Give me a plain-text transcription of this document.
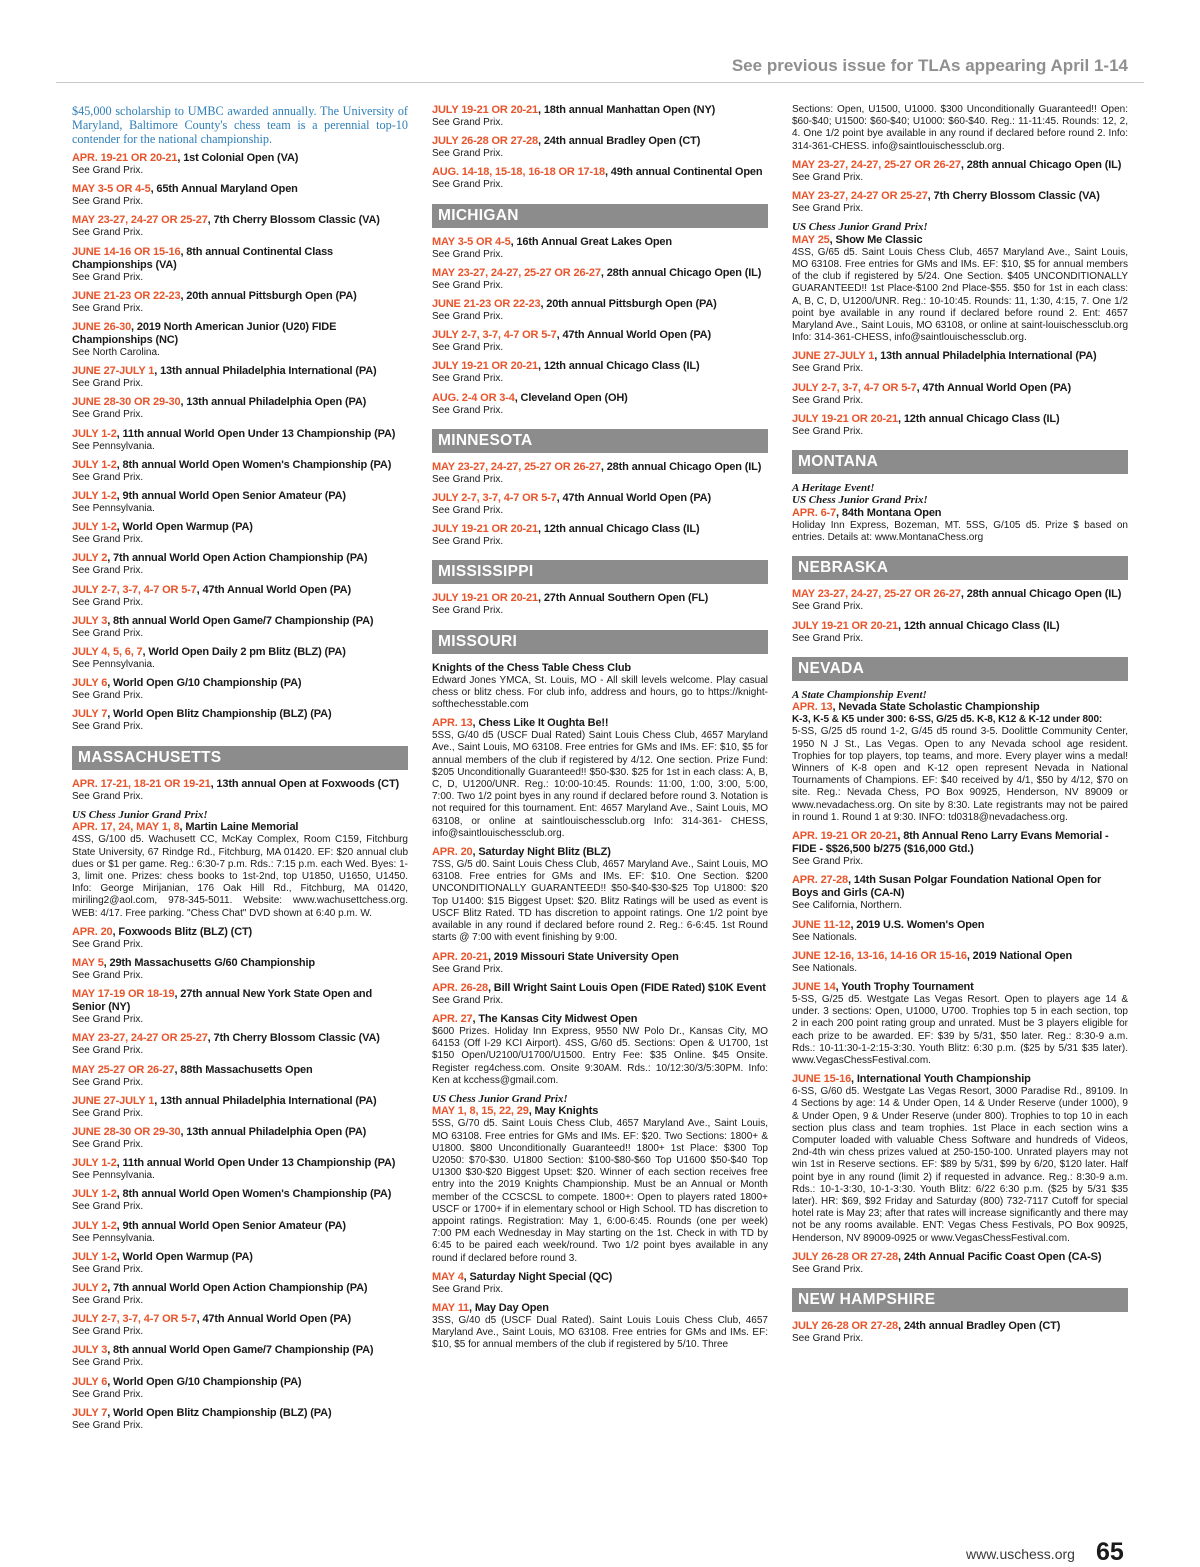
See previous issue for TLAs appearing April 1-14
$45,000 scholarship to UMBC awarded annually. The University of Maryland, Baltimore County's chess team is a perennial top-10 contender for the national championship.
APR. 19-21 OR 20-21, 1st Colonial Open (VA)
See Grand Prix.
MAY 3-5 OR 4-5, 65th Annual Maryland Open
See Grand Prix.
MAY 23-27, 24-27 OR 25-27, 7th Cherry Blossom Classic (VA)
See Grand Prix.
JUNE 14-16 OR 15-16, 8th annual Continental Class Championships (VA)
See Grand Prix.
JUNE 21-23 OR 22-23, 20th annual Pittsburgh Open (PA)
See Grand Prix.
JUNE 26-30, 2019 North American Junior (U20) FIDE Championships (NC)
See North Carolina.
JUNE 27-JULY 1, 13th annual Philadelphia International (PA)
See Grand Prix.
JUNE 28-30 OR 29-30, 13th annual Philadelphia Open (PA)
See Grand Prix.
JULY 1-2, 11th annual World Open Under 13 Championship (PA)
See Pennsylvania.
JULY 1-2, 8th annual World Open Women's Championship (PA)
See Grand Prix.
JULY 1-2, 9th annual World Open Senior Amateur (PA)
See Pennsylvania.
JULY 1-2, World Open Warmup (PA)
See Grand Prix.
JULY 2, 7th annual World Open Action Championship (PA)
See Grand Prix.
JULY 2-7, 3-7, 4-7 OR 5-7, 47th Annual World Open (PA)
See Grand Prix.
JULY 3, 8th annual World Open Game/7 Championship (PA)
See Grand Prix.
JULY 4, 5, 6, 7, World Open Daily 2 pm Blitz (BLZ) (PA)
See Pennsylvania.
JULY 6, World Open G/10 Championship (PA)
See Grand Prix.
JULY 7, World Open Blitz Championship (BLZ) (PA)
See Grand Prix.
MASSACHUSETTS
APR. 17-21, 18-21 OR 19-21, 13th annual Open at Foxwoods (CT)
See Grand Prix.
US Chess Junior Grand Prix!
APR. 17, 24, MAY 1, 8, Martin Laine Memorial
4SS, G/100 d5. Wachusett CC, McKay Complex, Room C159, Fitchburg State University, 67 Rindge Rd., Fitchburg, MA 01420. EF: $20 annual club dues or $1 per game. Reg.: 6:30-7 p.m. Rds.: 7:15 p.m. each Wed. Byes: 1-3, limit one. Prizes: chess books to 1st-2nd, top U1850, U1650, U1450. Info: George Mirijanian, 176 Oak Hill Rd., Fitchburg, MA 01420, miriling2@aol.com, 978-345-5011. Website: www.wachusettchess.org. WEB: 4/17. Free parking. "Chess Chat" DVD shown at 6:40 p.m. W.
APR. 20, Foxwoods Blitz (BLZ) (CT)
See Grand Prix.
MAY 5, 29th Massachusetts G/60 Championship
See Grand Prix.
MAY 17-19 OR 18-19, 27th annual New York State Open and Senior (NY)
See Grand Prix.
MAY 23-27, 24-27 OR 25-27, 7th Cherry Blossom Classic (VA)
See Grand Prix.
MAY 25-27 OR 26-27, 88th Massachusetts Open
See Grand Prix.
JUNE 27-JULY 1, 13th annual Philadelphia International (PA)
See Grand Prix.
JUNE 28-30 OR 29-30, 13th annual Philadelphia Open (PA)
See Grand Prix.
JULY 1-2, 11th annual World Open Under 13 Championship (PA)
See Pennsylvania.
JULY 1-2, 8th annual World Open Women's Championship (PA)
See Grand Prix.
JULY 1-2, 9th annual World Open Senior Amateur (PA)
See Pennsylvania.
JULY 1-2, World Open Warmup (PA)
See Grand Prix.
JULY 2, 7th annual World Open Action Championship (PA)
See Grand Prix.
JULY 2-7, 3-7, 4-7 OR 5-7, 47th Annual World Open (PA)
See Grand Prix.
JULY 3, 8th annual World Open Game/7 Championship (PA)
See Grand Prix.
JULY 6, World Open G/10 Championship (PA)
See Grand Prix.
JULY 7, World Open Blitz Championship (BLZ) (PA)
See Grand Prix.
JULY 19-21 OR 20-21, 18th annual Manhattan Open (NY)
See Grand Prix.
JULY 26-28 OR 27-28, 24th annual Bradley Open (CT)
See Grand Prix.
AUG. 14-18, 15-18, 16-18 OR 17-18, 49th annual Continental Open
See Grand Prix.
MICHIGAN
MAY 3-5 OR 4-5, 16th Annual Great Lakes Open
See Grand Prix.
MAY 23-27, 24-27, 25-27 OR 26-27, 28th annual Chicago Open (IL)
See Grand Prix.
JUNE 21-23 OR 22-23, 20th annual Pittsburgh Open (PA)
See Grand Prix.
JULY 2-7, 3-7, 4-7 OR 5-7, 47th Annual World Open (PA)
See Grand Prix.
JULY 19-21 OR 20-21, 12th annual Chicago Class (IL)
See Grand Prix.
AUG. 2-4 OR 3-4, Cleveland Open (OH)
See Grand Prix.
MINNESOTA
MAY 23-27, 24-27, 25-27 OR 26-27, 28th annual Chicago Open (IL)
See Grand Prix.
JULY 2-7, 3-7, 4-7 OR 5-7, 47th Annual World Open (PA)
See Grand Prix.
JULY 19-21 OR 20-21, 12th annual Chicago Class (IL)
See Grand Prix.
MISSISSIPPI
JULY 19-21 OR 20-21, 27th Annual Southern Open (FL)
See Grand Prix.
MISSOURI
Knights of the Chess Table Chess Club
Edward Jones YMCA, St. Louis, MO - All skill levels welcome. Play casual chess or blitz chess. For club info, address and hours, go to https://knight-softhechesstable.com
APR. 13, Chess Like It Oughta Be!!
5SS, G/40 d5 (USCF Dual Rated) Saint Louis Chess Club, 4657 Maryland Ave., Saint Louis, MO 63108. Free entries for GMs and IMs. EF: $10, $5 for annual members of the club if registered by 4/12. One section. Prize Fund: $205 Unconditionally Guaranteed!! $50-$30. $25 for 1st in each class: A, B, C, D, U1200/UNR. Reg.: 10:00-10:45. Rounds: 11:00, 1:00, 3:00, 5:00, 7:00. Two 1/2 point byes in any round if declared before round 3. Notation is not required for this tournament. Ent: 4657 Maryland Ave., Saint Louis, MO 63108, or online at saintlouischessclub.org Info: 314-361- CHESS, info@saintlouischessclub.org.
APR. 20, Saturday Night Blitz (BLZ)
7SS, G/5 d0. Saint Louis Chess Club, 4657 Maryland Ave., Saint Louis, MO 63108. Free entries for GMs and IMs. EF: $10. One Section. $200 UNCONDITIONALLY GUARANTEED!! $50-$40-$30-$25 Top U1800: $20 Top U1400: $15 Biggest Upset: $20. Blitz Ratings will be used as event is USCF Blitz Rated. TD has discretion to appoint ratings. One 1/2 point bye available in any round if declared before round 2. Reg.: 6-6:45. 1st Round starts @ 7:00 with event finishing by 9:00.
APR. 20-21, 2019 Missouri State University Open
See Grand Prix.
APR. 26-28, Bill Wright Saint Louis Open (FIDE Rated) $10K Event
See Grand Prix.
APR. 27, The Kansas City Midwest Open
$600 Prizes. Holiday Inn Express, 9550 NW Polo Dr., Kansas City, MO 64153 (Off I-29 KCI Airport). 4SS, G/60 d5. Sections: Open & U1700, 1st $150 Open/U2100/U1700/U1500. Entry Fee: $35 Online. $45 Onsite. Register reg4chess.com. Onsite 9:30AM. Rds.: 10/12:30/3/5:30PM. Info: Ken at kcchess@gmail.com.
US Chess Junior Grand Prix!
MAY 1, 8, 15, 22, 29, May Knights
5SS, G/70 d5. Saint Louis Chess Club, 4657 Maryland Ave., Saint Louis, MO 63108. Free entries for GMs and IMs. EF: $20. Two Sections: 1800+ & U1800. $800 Unconditionally Guaranteed!! 1800+ 1st Place: $300 Top U2050: $70-$30. U1800 Section: $100-$80-$60 Top U1600 $50-$40 Top U1300 $30-$20 Biggest Upset: $20. Winner of each section receives free entry into the 2019 Knights Championship. Must be an Annual or Month member of the CCSCSL to compete. 1800+: Open to players rated 1800+ USCF or 1700+ if in elementary school or High School. TD has discretion to appoint ratings. Registration: May 1, 6:00-6:45. Rounds (one per week) 7:00 PM each Wednesday in May starting on the 1st. Check in with TD by 6:45 to be paired each week/round. Two 1/2 point byes available in any round if declared before round 3.
MAY 4, Saturday Night Special (QC)
See Grand Prix.
MAY 11, May Day Open
3SS, G/40 d5 (USCF Dual Rated). Saint Louis Louis Chess Club, 4657 Maryland Ave., Saint Louis, MO 63108. Free entries for GMs and IMs. EF: $10, $5 for annual members of the club if registered by 5/10. Three
Sections: Open, U1500, U1000. $300 Unconditionally Guaranteed!! Open: $60-$40; U1500: $60-$40; U1000: $60-$40. Reg.: 11-11:45. Rounds: 12, 2, 4. One 1/2 point bye available in any round if declared before round 2. Info: 314-361-CHESS. info@saintlouischessclub.org.
MAY 23-27, 24-27, 25-27 OR 26-27, 28th annual Chicago Open (IL)
See Grand Prix.
MAY 23-27, 24-27 OR 25-27, 7th Cherry Blossom Classic (VA)
See Grand Prix.
US Chess Junior Grand Prix!
MAY 25, Show Me Classic
4SS, G/65 d5. Saint Louis Chess Club, 4657 Maryland Ave., Saint Louis, MO 63108. Free entries for GMs and IMs. EF: $10, $5 for annual members of the club if registered by 5/24. One Section. $405 UNCONDITIONALLY GUARANTEED!! 1st Place-$100 2nd Place-$55. $50 for 1st in each class: A, B, C, D, U1200/UNR. Reg.: 10-10:45. Rounds: 11, 1:30, 4:15, 7. One 1/2 point bye available in any round if declared before round 2. Ent: 4657 Maryland Ave., Saint Louis, MO 63108, or online at saint-louischessclub.org Info: 314-361-CHESS, info@saintlouischessclub.org.
JUNE 27-JULY 1, 13th annual Philadelphia International (PA)
See Grand Prix.
JULY 2-7, 3-7, 4-7 OR 5-7, 47th Annual World Open (PA)
See Grand Prix.
JULY 19-21 OR 20-21, 12th annual Chicago Class (IL)
See Grand Prix.
MONTANA
A Heritage Event!
US Chess Junior Grand Prix!
APR. 6-7, 84th Montana Open
Holiday Inn Express, Bozeman, MT. 5SS, G/105 d5. Prize $ based on entries. Details at: www.MontanaChess.org
NEBRASKA
MAY 23-27, 24-27, 25-27 OR 26-27, 28th annual Chicago Open (IL)
See Grand Prix.
JULY 19-21 OR 20-21, 12th annual Chicago Class (IL)
See Grand Prix.
NEVADA
A State Championship Event!
APR. 13, Nevada State Scholastic Championship
K-3, K-5 & K5 under 300: 6-SS, G/25 d5. K-8, K12 & K-12 under 800:
5-SS, G/25 d5 round 1-2, G/45 d5 round 3-5. Doolittle Community Center, 1950 N J St., Las Vegas. Open to any Nevada school age resident. Trophies for top players, top teams, and more. Every player wins a medal! Winners of K-8 open and K-12 open represent Nevada in National Tournaments of Champions. EF: $40 received by 4/1, $50 by 4/12, $70 on site. Reg.: Nevada Chess, PO Box 90925, Henderson, NV 89009 or www.nevadachess.org. On site by 8:30. Late registrants may not be paired in round 1. Round 1 at 9:30. INFO: td0318@nevadachess.org.
APR. 19-21 OR 20-21, 8th Annual Reno Larry Evans Memorial - FIDE - $$26,500 b/275 ($16,000 Gtd.)
See Grand Prix.
APR. 27-28, 14th Susan Polgar Foundation National Open for Boys and Girls (CA-N)
See California, Northern.
JUNE 11-12, 2019 U.S. Women's Open
See Nationals.
JUNE 12-16, 13-16, 14-16 OR 15-16, 2019 National Open
See Nationals.
JUNE 14, Youth Trophy Tournament
5-SS, G/25 d5. Westgate Las Vegas Resort. Open to players age 14 & under. 3 sections: Open, U1000, U700. Trophies top 5 in each section, top 2 in each 200 point rating group and unrated. Must be 3 players eligible for each prize to be awarded. EF: $39 by 5/31, $50 later. Reg.: 8:30-9 a.m. Rds.: 10-11:30-1-2:15-3:30. Youth Blitz: 6:30 p.m. ($25 by 5/31 $35 later). www.VegasChessFestival.com.
JUNE 15-16, International Youth Championship
6-SS, G/60 d5. Westgate Las Vegas Resort, 3000 Paradise Rd., 89109. In 4 Sections by age: 14 & Under Open, 14 & Under Reserve (under 1000), 9 & Under Open, 9 & Under Reserve (under 800). Trophies to top 10 in each section plus class and team trophies. 1st Place in each section wins a Computer loaded with valuable Chess Software and hundreds of Videos, 2nd-4th win chess prizes valued at 250-150-100. Unrated players may not win 1st in Reserve sections. EF: $89 by 5/31, $99 by 6/20, $120 later. Half point bye in any round (limit 2) if requested in advance. Reg.: 8:30-9 a.m. Rds.: 10-1-3:30, 10-1-3:30. Youth Blitz: 6/22 6:30 p.m. ($25 by 5/31 $35 later). HR: $69, $92 Friday and Saturday (800) 732-7117 Cutoff for special hotel rate is May 23; after that rates will increase significantly and there may not be any rooms available. ENT: Vegas Chess Festivals, PO Box 90925, Henderson, NV 89009-0925 or www.VegasChessFestival.com.
JULY 26-28 OR 27-28, 24th Annual Pacific Coast Open (CA-S)
See Grand Prix.
NEW HAMPSHIRE
JULY 26-28 OR 27-28, 24th annual Bradley Open (CT)
See Grand Prix.
www.uschess.org 65
